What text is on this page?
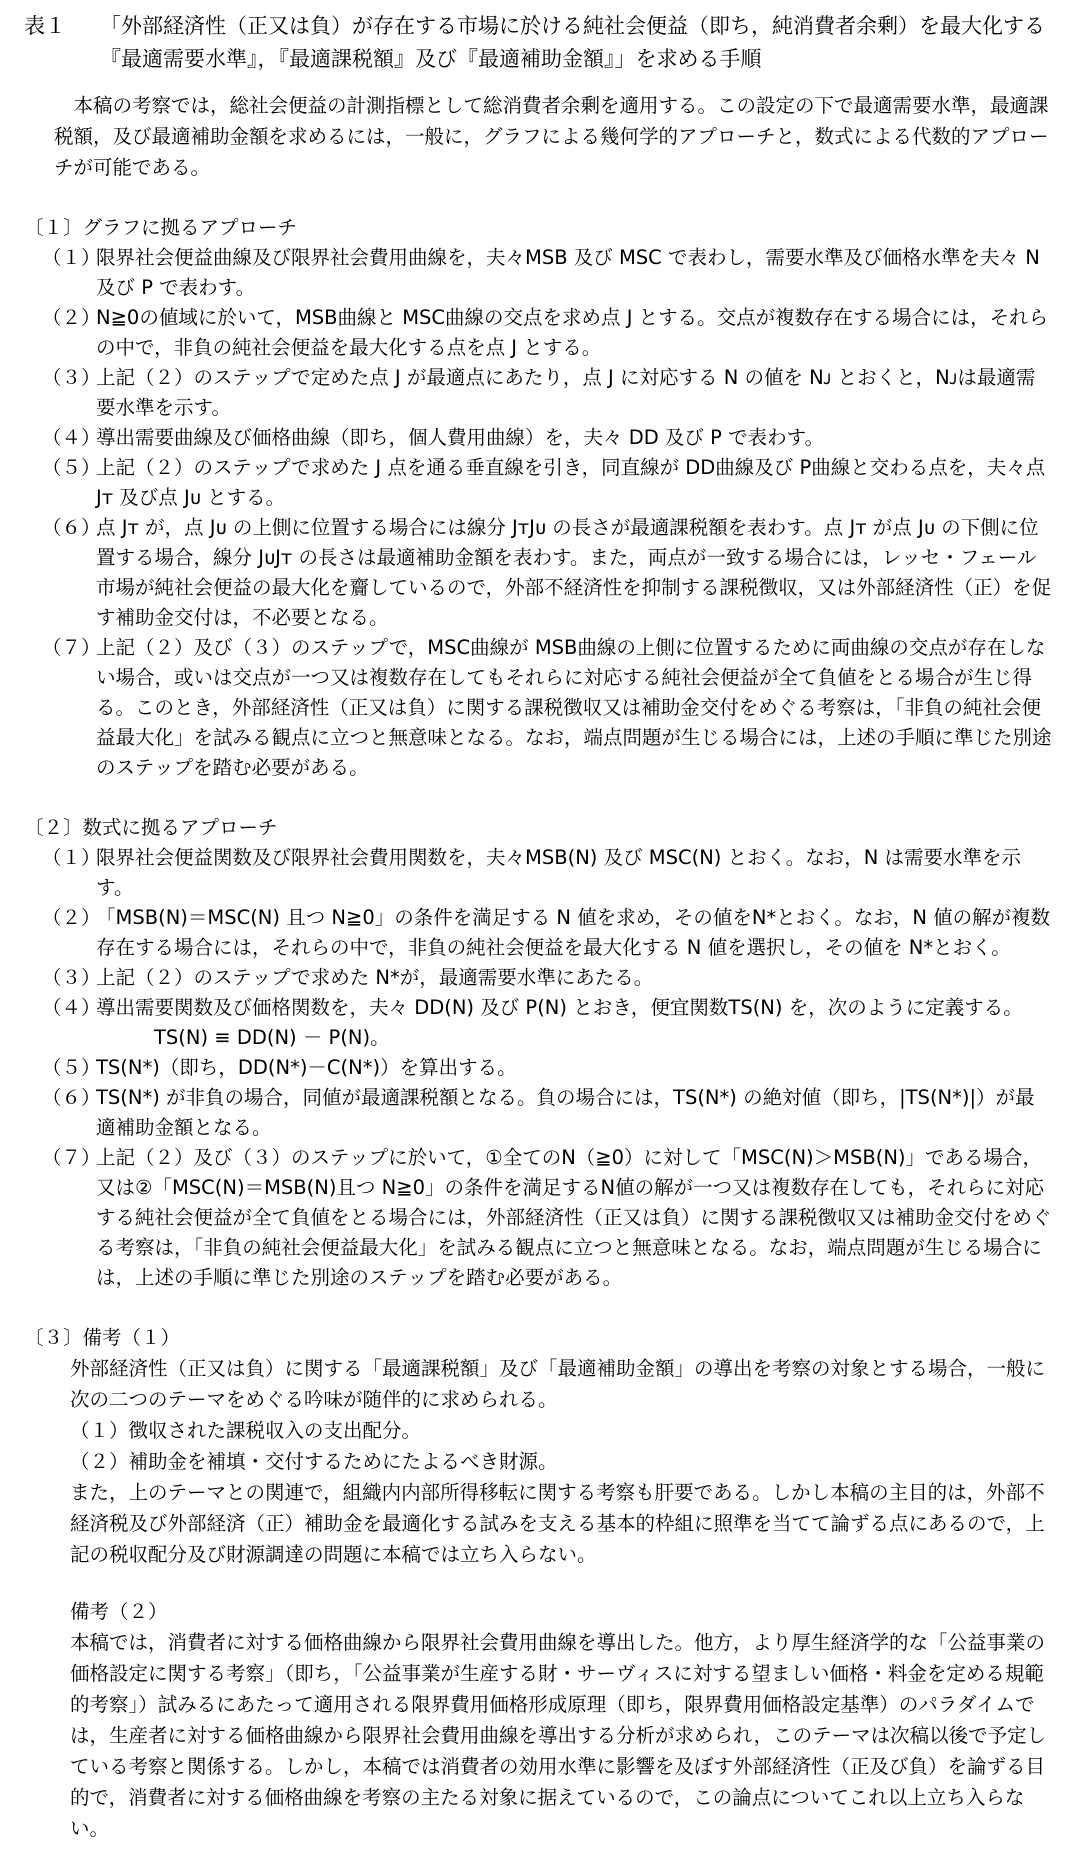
表１	「外部経済性（正又は負）が存在する市場に於ける純社会便益（即ち，純消費者余剰）を最大化する『最適需要水準』，『最適課税額』及び『最適補助金額』」を求める手順

本稿の考察では，総社会便益の計測指標として総消費者余剰を適用する。この設定の下で最適需要水準，最適課税額，及び最適補助金額を求めるには，一般に，グラフによる幾何学的アプローチと，数式による代数的アプローチが可能である。

〔１〕グラフに拠るアプローチ

（１）
限界社会便益曲線及び限界社会費用曲線を，夫々MSB 及び MSC で表わし，需要水準及び価格水準を夫々 N 及び P で表わす。
（２）
N≧0の値域に於いて，MSB曲線と MSC曲線の交点を求め点 J とする。交点が複数存在する場合には，それらの中で，非負の純社会便益を最大化する点を点 J とする。
（３）
上記（２）のステップで定めた点 J が最適点にあたり，点 J に対応する N の値を Nᴊ とおくと，Nᴊは最適需要水準を示す。
（４）
導出需要曲線及び価格曲線（即ち，個人費用曲線）を，夫々 DD 及び P で表わす。
（５）
上記（２）のステップで求めた J 点を通る垂直線を引き，同直線が DD曲線及び P曲線と交わる点を，夫々点 Jᴛ 及び点 Jᴜ とする。
（６）
点 Jᴛ が，点 Jᴜ の上側に位置する場合には線分 JᴛJᴜ の長さが最適課税額を表わす。点 Jᴛ が点 Jᴜ の下側に位置する場合，線分 JᴜJᴛ の長さは最適補助金額を表わす。また，両点が一致する場合には，レッセ・フェール市場が純社会便益の最大化を齎しているので，外部不経済性を抑制する課税徴収，又は外部経済性（正）を促す補助金交付は，不必要となる。
（７）
上記（２）及び（３）のステップで，MSC曲線が MSB曲線の上側に位置するために両曲線の交点が存在しない場合，或いは交点が一つ又は複数存在してもそれらに対応する純社会便益が全て負値をとる場合が生じ得る。このとき，外部経済性（正又は負）に関する課税徴収又は補助金交付をめぐる考察は，「非負の純社会便益最大化」を試みる観点に立つと無意味となる。なお，端点問題が生じる場合には，上述の手順に準じた別途のステップを踏む必要がある。

〔２〕数式に拠るアプローチ

（１）
限界社会便益関数及び限界社会費用関数を，夫々MSB(N) 及び MSC(N) とおく。なお，N は需要水準を示す。
（２）
「MSB(N)＝MSC(N) 且つ N≧0」の条件を満足する N 値を求め，その値をN*とおく。なお，N 値の解が複数存在する場合には，それらの中で，非負の純社会便益を最大化する N 値を選択し，その値を N*とおく。
（３）
上記（２）のステップで求めた N*が，最適需要水準にあたる。
（４）
導出需要関数及び価格関数を，夫々 DD(N) 及び P(N) とおき，便宜関数TS(N) を，次のように定義する。

TS(N) ≡ DD(N) － P(N)。

（５）
TS(N*)（即ち，DD(N*)－C(N*)）を算出する。
（６）
TS(N*) が非負の場合，同値が最適課税額となる。負の場合には，TS(N*) の絶対値（即ち，|TS(N*)|）が最適補助金額となる。
（７）
上記（２）及び（３）のステップに於いて，①全てのN（≧0）に対して「MSC(N)＞MSB(N)」である場合，又は②「MSC(N)＝MSB(N)且つ N≧0」の条件を満足するN値の解が一つ又は複数存在しても，それらに対応する純社会便益が全て負値をとる場合には，外部経済性（正又は負）に関する課税徴収又は補助金交付をめぐる考察は，「非負の純社会便益最大化」を試みる観点に立つと無意味となる。なお，端点問題が生じる場合には，上述の手順に準じた別途のステップを踏む必要がある。

〔３〕備考（１）

外部経済性（正又は負）に関する「最適課税額」及び「最適補助金額」の導出を考察の対象とする場合，一般に次の二つのテーマをめぐる吟味が随伴的に求められる。

（１）徴収された課税収入の支出配分。

（２）補助金を補填・交付するためにたよるべき財源。

また，上のテーマとの関連で，組織内内部所得移転に関する考察も肝要である。しかし本稿の主目的は，外部不経済税及び外部経済（正）補助金を最適化する試みを支える基本的枠組に照準を当てて論ずる点にあるので，上記の税収配分及び財源調達の問題に本稿では立ち入らない。

備考（２）

本稿では，消費者に対する価格曲線から限界社会費用曲線を導出した。他方，より厚生経済学的な「公益事業の価格設定に関する考察」（即ち，「公益事業が生産する財・サーヴィスに対する望ましい価格・料金を定める規範的考察」）試みるにあたって適用される限界費用価格形成原理（即ち，限界費用価格設定基準）のパラダイムでは，生産者に対する価格曲線から限界社会費用曲線を導出する分析が求められ，このテーマは次稿以後で予定している考察と関係する。しかし，本稿では消費者の効用水準に影響を及ぼす外部経済性（正及び負）を論ずる目的で，消費者に対する価格曲線を考察の主たる対象に据えているので，この論点についてこれ以上立ち入らない。
